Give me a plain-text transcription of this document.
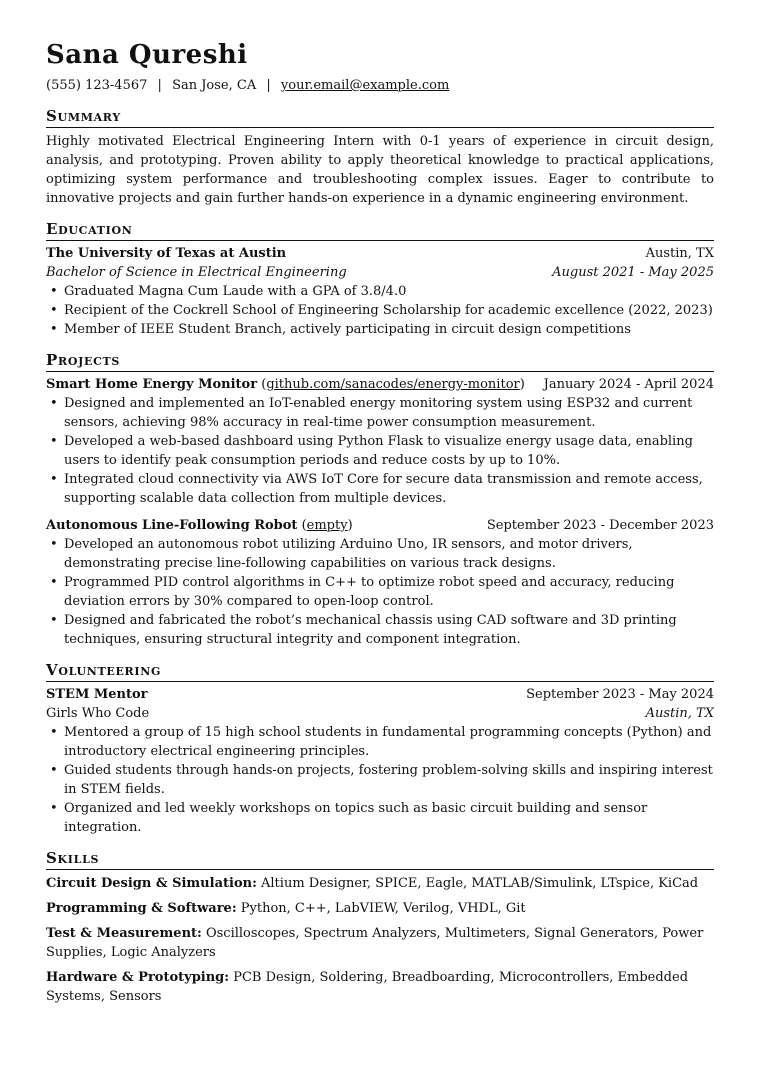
Sana Qureshi
(555) 123-4567 | San Jose, CA | your.email@example.com
Summary
Highly motivated Electrical Engineering Intern with 0-1 years of experience in circuit design, analysis, and prototyping. Proven ability to apply theoretical knowledge to practical applications, optimizing system performance and troubleshooting complex issues. Eager to contribute to innovative projects and gain further hands-on experience in a dynamic engineering environment.
Education
The University of Texas at Austin	Austin, TX
Bachelor of Science in Electrical Engineering	August 2021 - May 2025
• Graduated Magna Cum Laude with a GPA of 3.8/4.0
• Recipient of the Cockrell School of Engineering Scholarship for academic excellence (2022, 2023)
• Member of IEEE Student Branch, actively participating in circuit design competitions
Projects
Smart Home Energy Monitor (github.com/sanacodes/energy-monitor) January 2024 - April 2024
• Designed and implemented an IoT-enabled energy monitoring system using ESP32 and current sensors, achieving 98% accuracy in real-time power consumption measurement.
• Developed a web-based dashboard using Python Flask to visualize energy usage data, enabling users to identify peak consumption periods and reduce costs by up to 10%.
• Integrated cloud connectivity via AWS IoT Core for secure data transmission and remote access, supporting scalable data collection from multiple devices.
Autonomous Line-Following Robot (empty)	September 2023 - December 2023
• Developed an autonomous robot utilizing Arduino Uno, IR sensors, and motor drivers, demonstrating precise line-following capabilities on various track designs.
• Programmed PID control algorithms in C++ to optimize robot speed and accuracy, reducing deviation errors by 30% compared to open-loop control.
• Designed and fabricated the robot’s mechanical chassis using CAD software and 3D printing techniques, ensuring structural integrity and component integration.
Volunteering
STEM Mentor	September 2023 - May 2024
Girls Who Code	Austin, TX
• Mentored a group of 15 high school students in fundamental programming concepts (Python) and introductory electrical engineering principles.
• Guided students through hands-on projects, fostering problem-solving skills and inspiring interest in STEM fields.
• Organized and led weekly workshops on topics such as basic circuit building and sensor integration.
Skills
Circuit Design & Simulation: Altium Designer, SPICE, Eagle, MATLAB/Simulink, LTspice, KiCad
Programming & Software: Python, C++, LabVIEW, Verilog, VHDL, Git
Test & Measurement: Oscilloscopes, Spectrum Analyzers, Multimeters, Signal Generators, Power Supplies, Logic Analyzers
Hardware & Prototyping: PCB Design, Soldering, Breadboarding, Microcontrollers, Embedded Systems, Sensors
